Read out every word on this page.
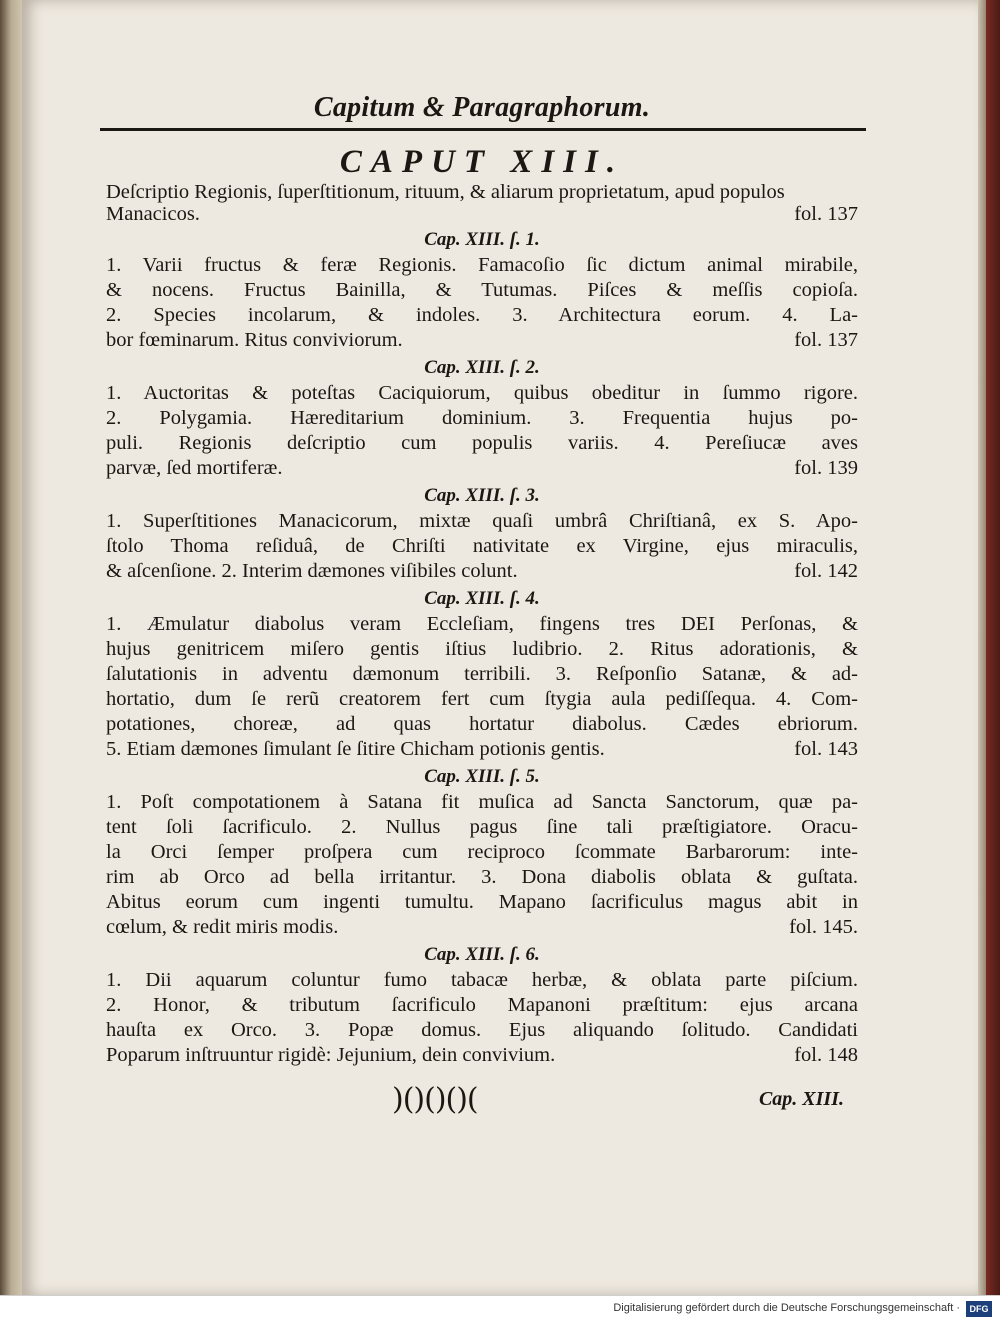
Capitum & Paragraphorum.
CAPUT XIII.
Deſcriptio Regionis, ſuperſtitionum, rituum, & aliarum proprietatum, apud populos Manacicos.	fol. 137
Cap. XIII. ſ. 1.
1. Varii fructus & feræ Regionis. Famacoſio ſic dictum animal mirabile,
& nocens. Fructus Bainilla, & Tutumas. Piſces & meſſis copioſa.
2. Species incolarum, & indoles. 3. Architectura eorum. 4. La-
bor fœminarum. Ritus conviviorum.	fol. 137
Cap. XIII. ſ. 2.
1. Auctoritas & poteſtas Caciquiorum, quibus obeditur in ſummo rigore.
2. Polygamia. Hæreditarium dominium. 3. Frequentia hujus po-
puli. Regionis deſcriptio cum populis variis. 4. Pereſiucæ aves
parvæ, ſed mortiferæ.	fol. 139
Cap. XIII. ſ. 3.
1. Superſtitiones Manacicorum, mixtæ quaſi umbrâ Chriſtianâ, ex S. Apo-
ſtolo Thoma reſiduâ, de Chriſti nativitate ex Virgine, ejus miraculis,
& aſcenſione. 2. Interim dæmones viſibiles colunt.	fol. 142
Cap. XIII. ſ. 4.
1. Æmulatur diabolus veram Eccleſiam, fingens tres DEI Perſonas, &
hujus genitricem miſero gentis iſtius ludibrio. 2. Ritus adorationis, &
ſalutationis in adventu dæmonum terribili. 3. Reſponſio Satanæ, & ad-
hortatio, dum ſe rerũ creatorem fert cum ſtygia aula pediſſequa. 4. Com-
potationes, choreæ, ad quas hortatur diabolus. Cædes ebriorum.
5. Etiam dæmones ſimulant ſe ſitire Chicham potionis gentis.	fol. 143
Cap. XIII. ſ. 5.
1. Poſt compotationem à Satana fit muſica ad Sancta Sanctorum, quæ pa-
tent ſoli ſacrificulo. 2. Nullus pagus ſine tali præſtigiatore. Oracu-
la Orci ſemper proſpera cum reciproco ſcommate Barbarorum: inte-
rim ab Orco ad bella irritantur. 3. Dona diabolis oblata & guſtata.
Abitus eorum cum ingenti tumultu. Mapano ſacrificulus magus abit in
cœlum, & redit miris modis.	fol. 145.
Cap. XIII. ſ. 6.
1. Dii aquarum coluntur fumo tabacæ herbæ, & oblata parte piſcium.
2. Honor, & tributum ſacrificulo Mapanoni præſtitum: ejus arcana
hauſta ex Orco. 3. Popæ domus. Ejus aliquando ſolitudo. Candidati
Poparum inſtruuntur rigidè: Jejunium, dein convivium.	fol. 148
)()()()(	Cap. XIII.
Digitalisierung gefördert durch die Deutsche Forschungsgemeinschaft ·	DFG
